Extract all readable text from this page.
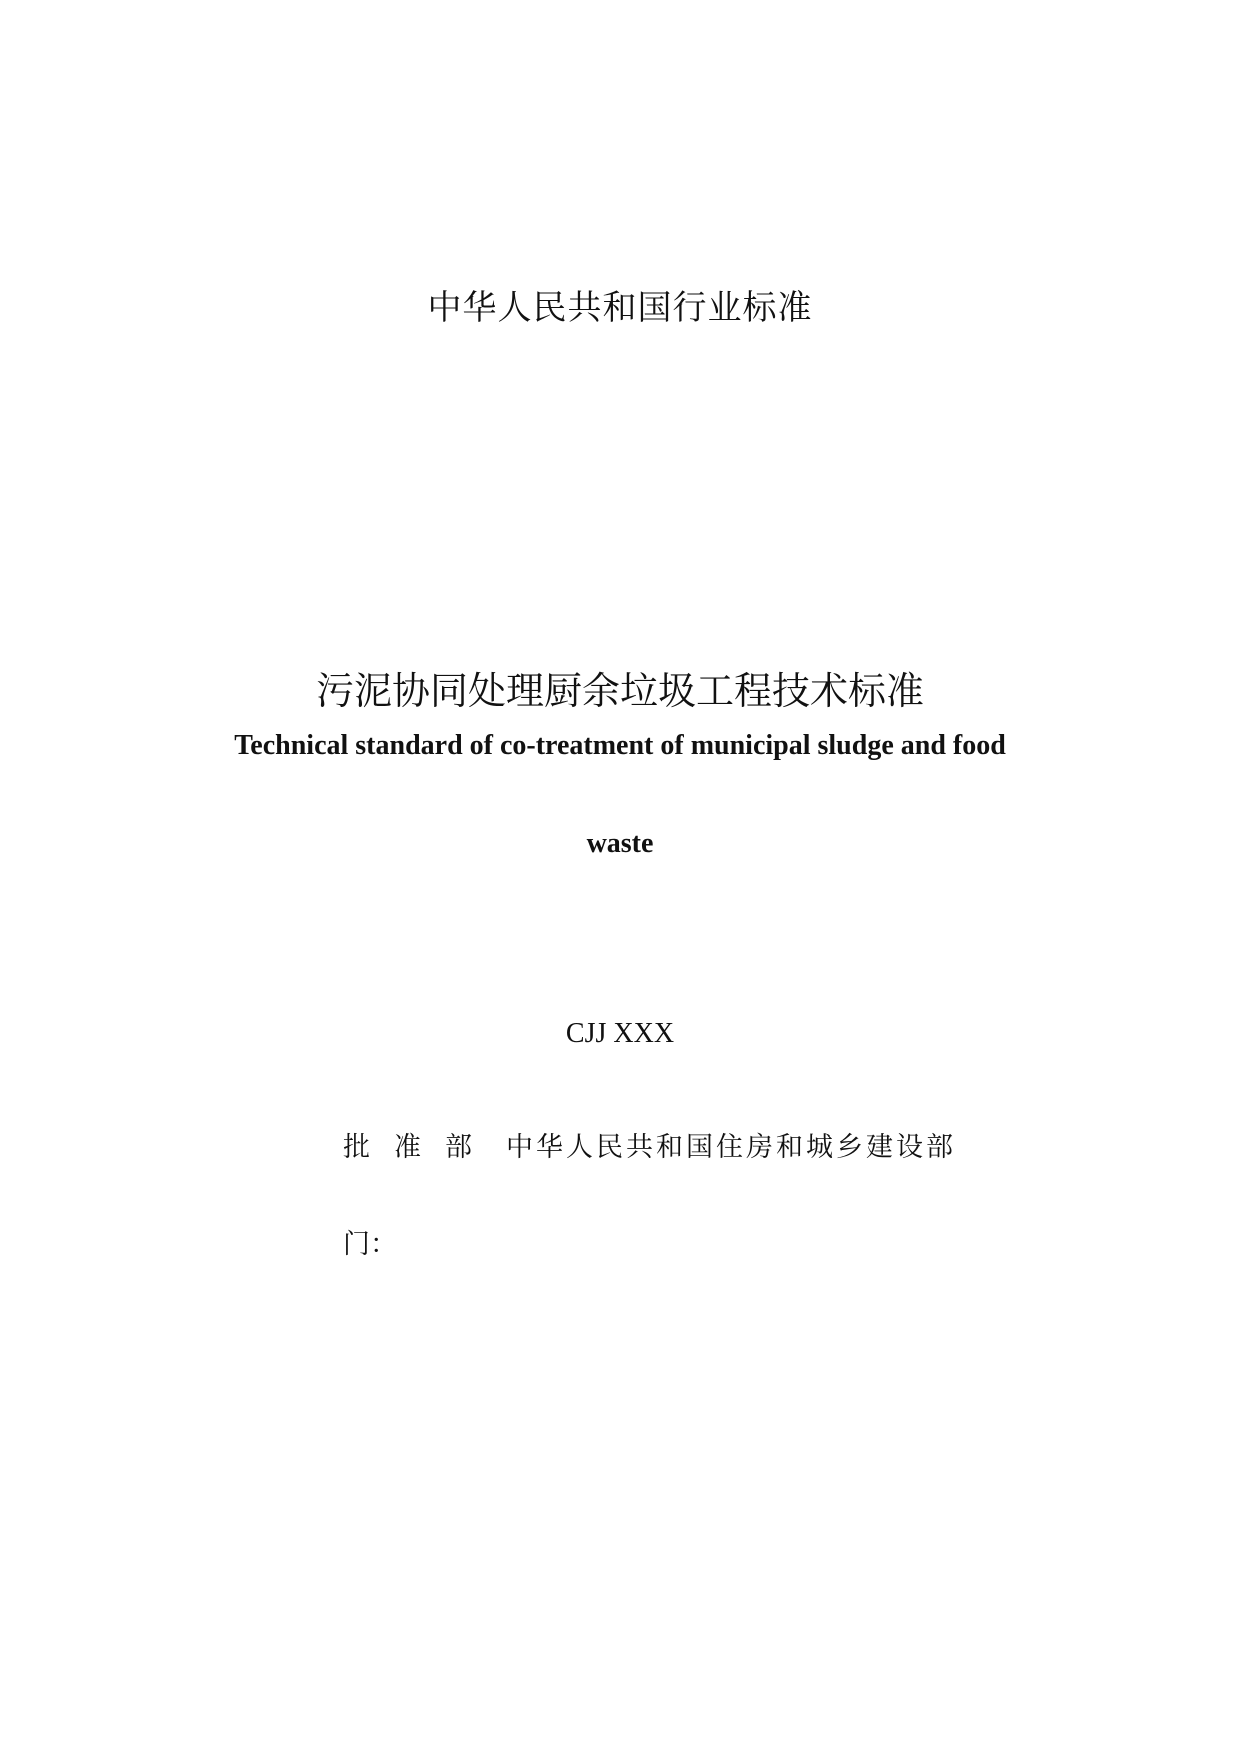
中华人民共和国行业标准
污泥协同处理厨余垃圾工程技术标准
Technical standard of co-treatment of municipal sludge and food
waste
CJJ XXX
批准部 中华人民共和国住房和城乡建设部
门：
